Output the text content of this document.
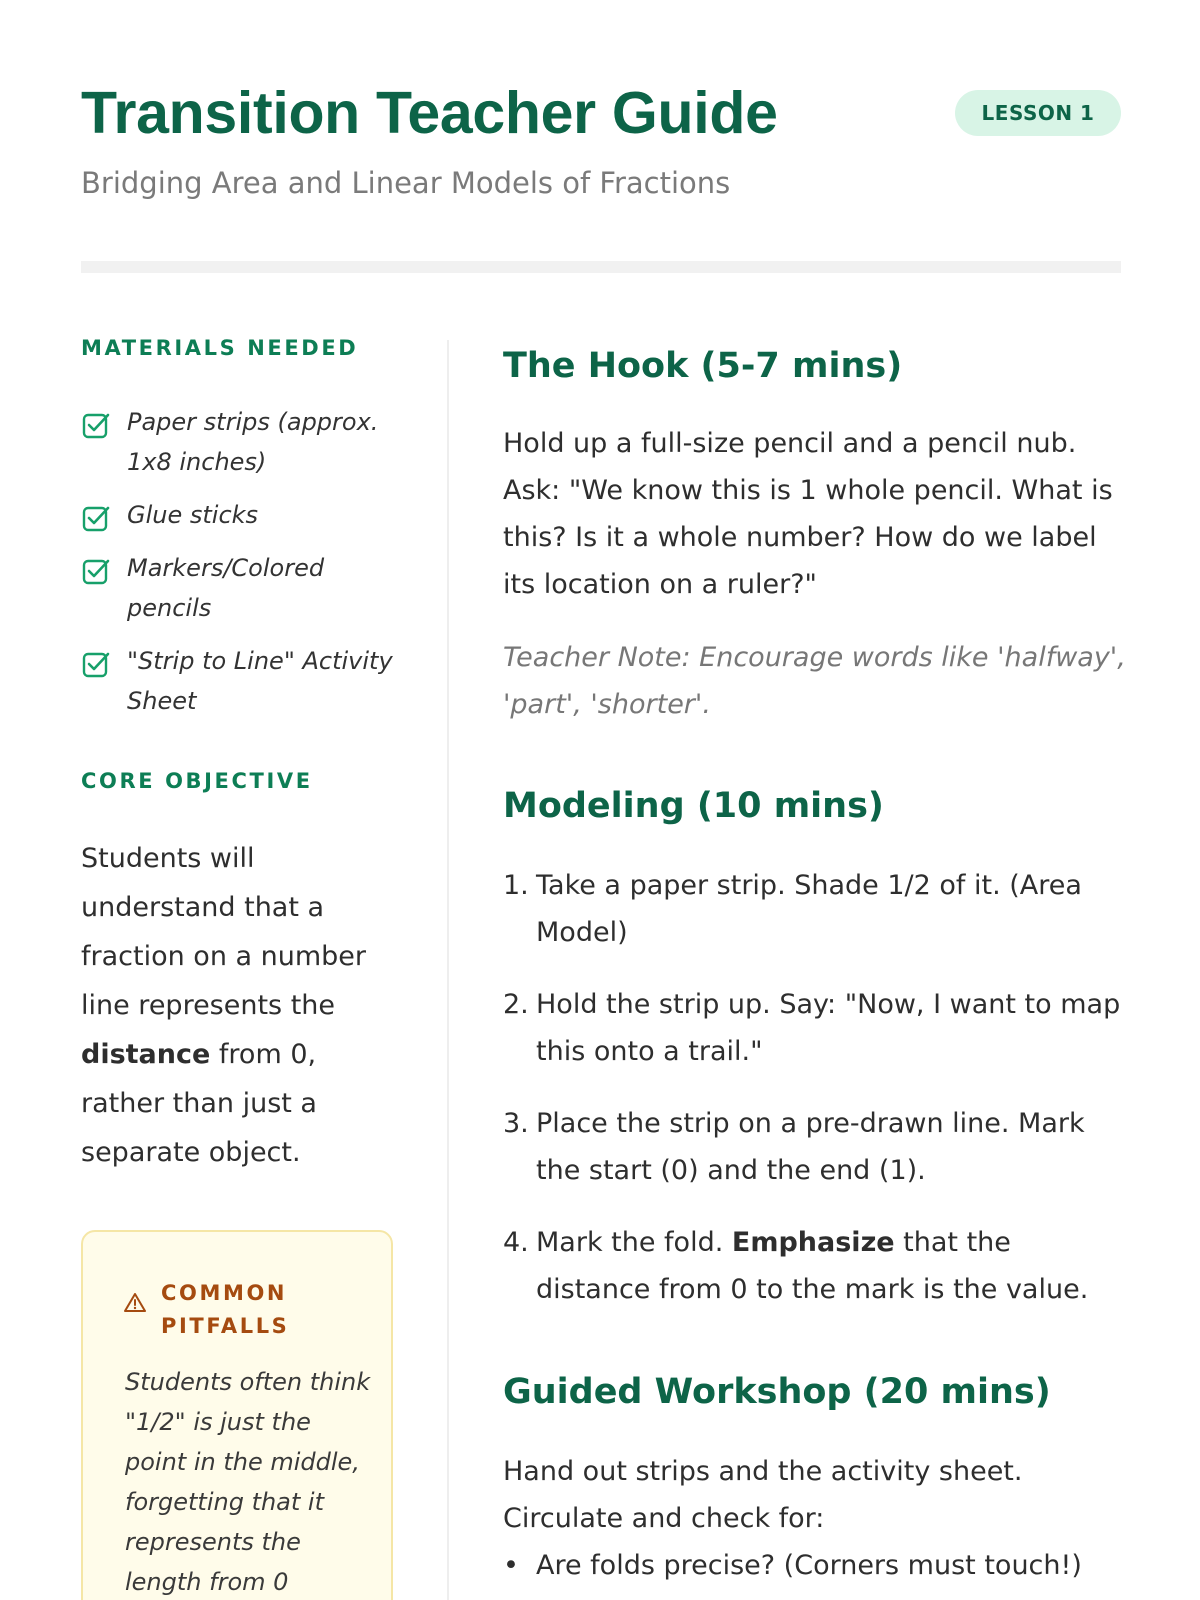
Transition Teacher Guide	LESSON 1
Bridging Area and Linear Models of Fractions
MATERIALS NEEDED
Paper strips (approx. 1x8 inches)
Glue sticks
Markers/Colored pencils
"Strip to Line" Activity Sheet
CORE OBJECTIVE

Students will understand that a fraction on a number line represents the distance from 0, rather than just a separate object.

COMMON PITFALLS

Students often think "1/2" is just the point in the middle, forgetting that it represents the length from 0

The Hook (5-7 mins)

Hold up a full-size pencil and a pencil nub. Ask: "We know this is 1 whole pencil. What is this? Is it a whole number? How do we label its location on a ruler?"

Teacher Note: Encourage words like 'halfway', 'part', 'shorter'.

Modeling (10 mins)
1. Take a paper strip. Shade 1/2 of it. (Area Model)
2. Hold the strip up. Say: "Now, I want to map this onto a trail."
3. Place the strip on a pre-drawn line. Mark the start (0) and the end (1).
4. Mark the fold. Emphasize that the distance from 0 to the mark is the value.
Guided Workshop (20 mins)

Hand out strips and the activity sheet. Circulate and check for:

• Are folds precise? (Corners must touch!)
